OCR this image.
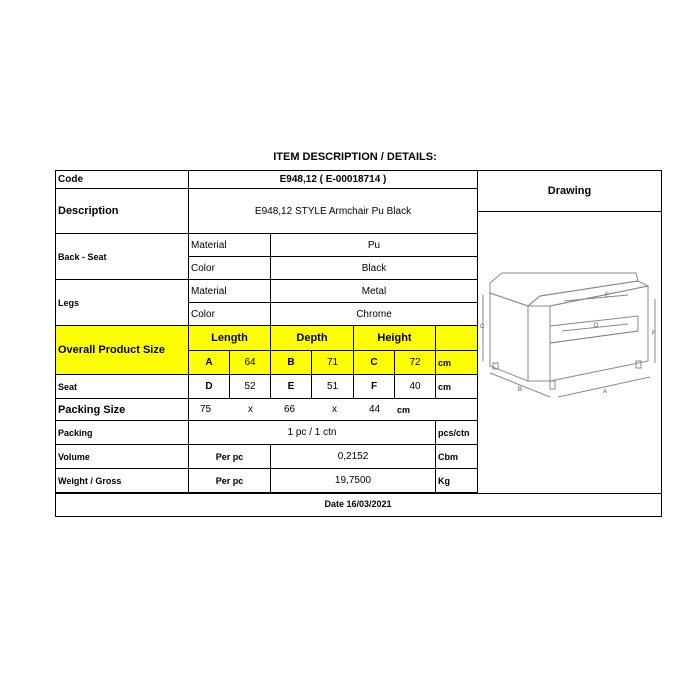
ITEM DESCRIPTION / DETAILS:
Code	E948,12 ( E-00018714 )
Description	E948,12 STYLE Armchair Pu Black
Back - Seat
Material	Pu
Color	Black
Legs
Material	Metal
Color	Chrome
Overall Product Size
Length	Depth	Height
A	64	B	71	C	72	cm
Seat	D	52	E	51	F	40	cm
Packing Size	75	x	66	x	44 cm
Packing	1 pc / 1 ctn	pcs/ctn
Volume	Per pc	0,2152	Cbm
Weight / Gross	Per pc	19,7500	Kg
Drawing
B	A
C
F
E
D
Date 16/03/2021
